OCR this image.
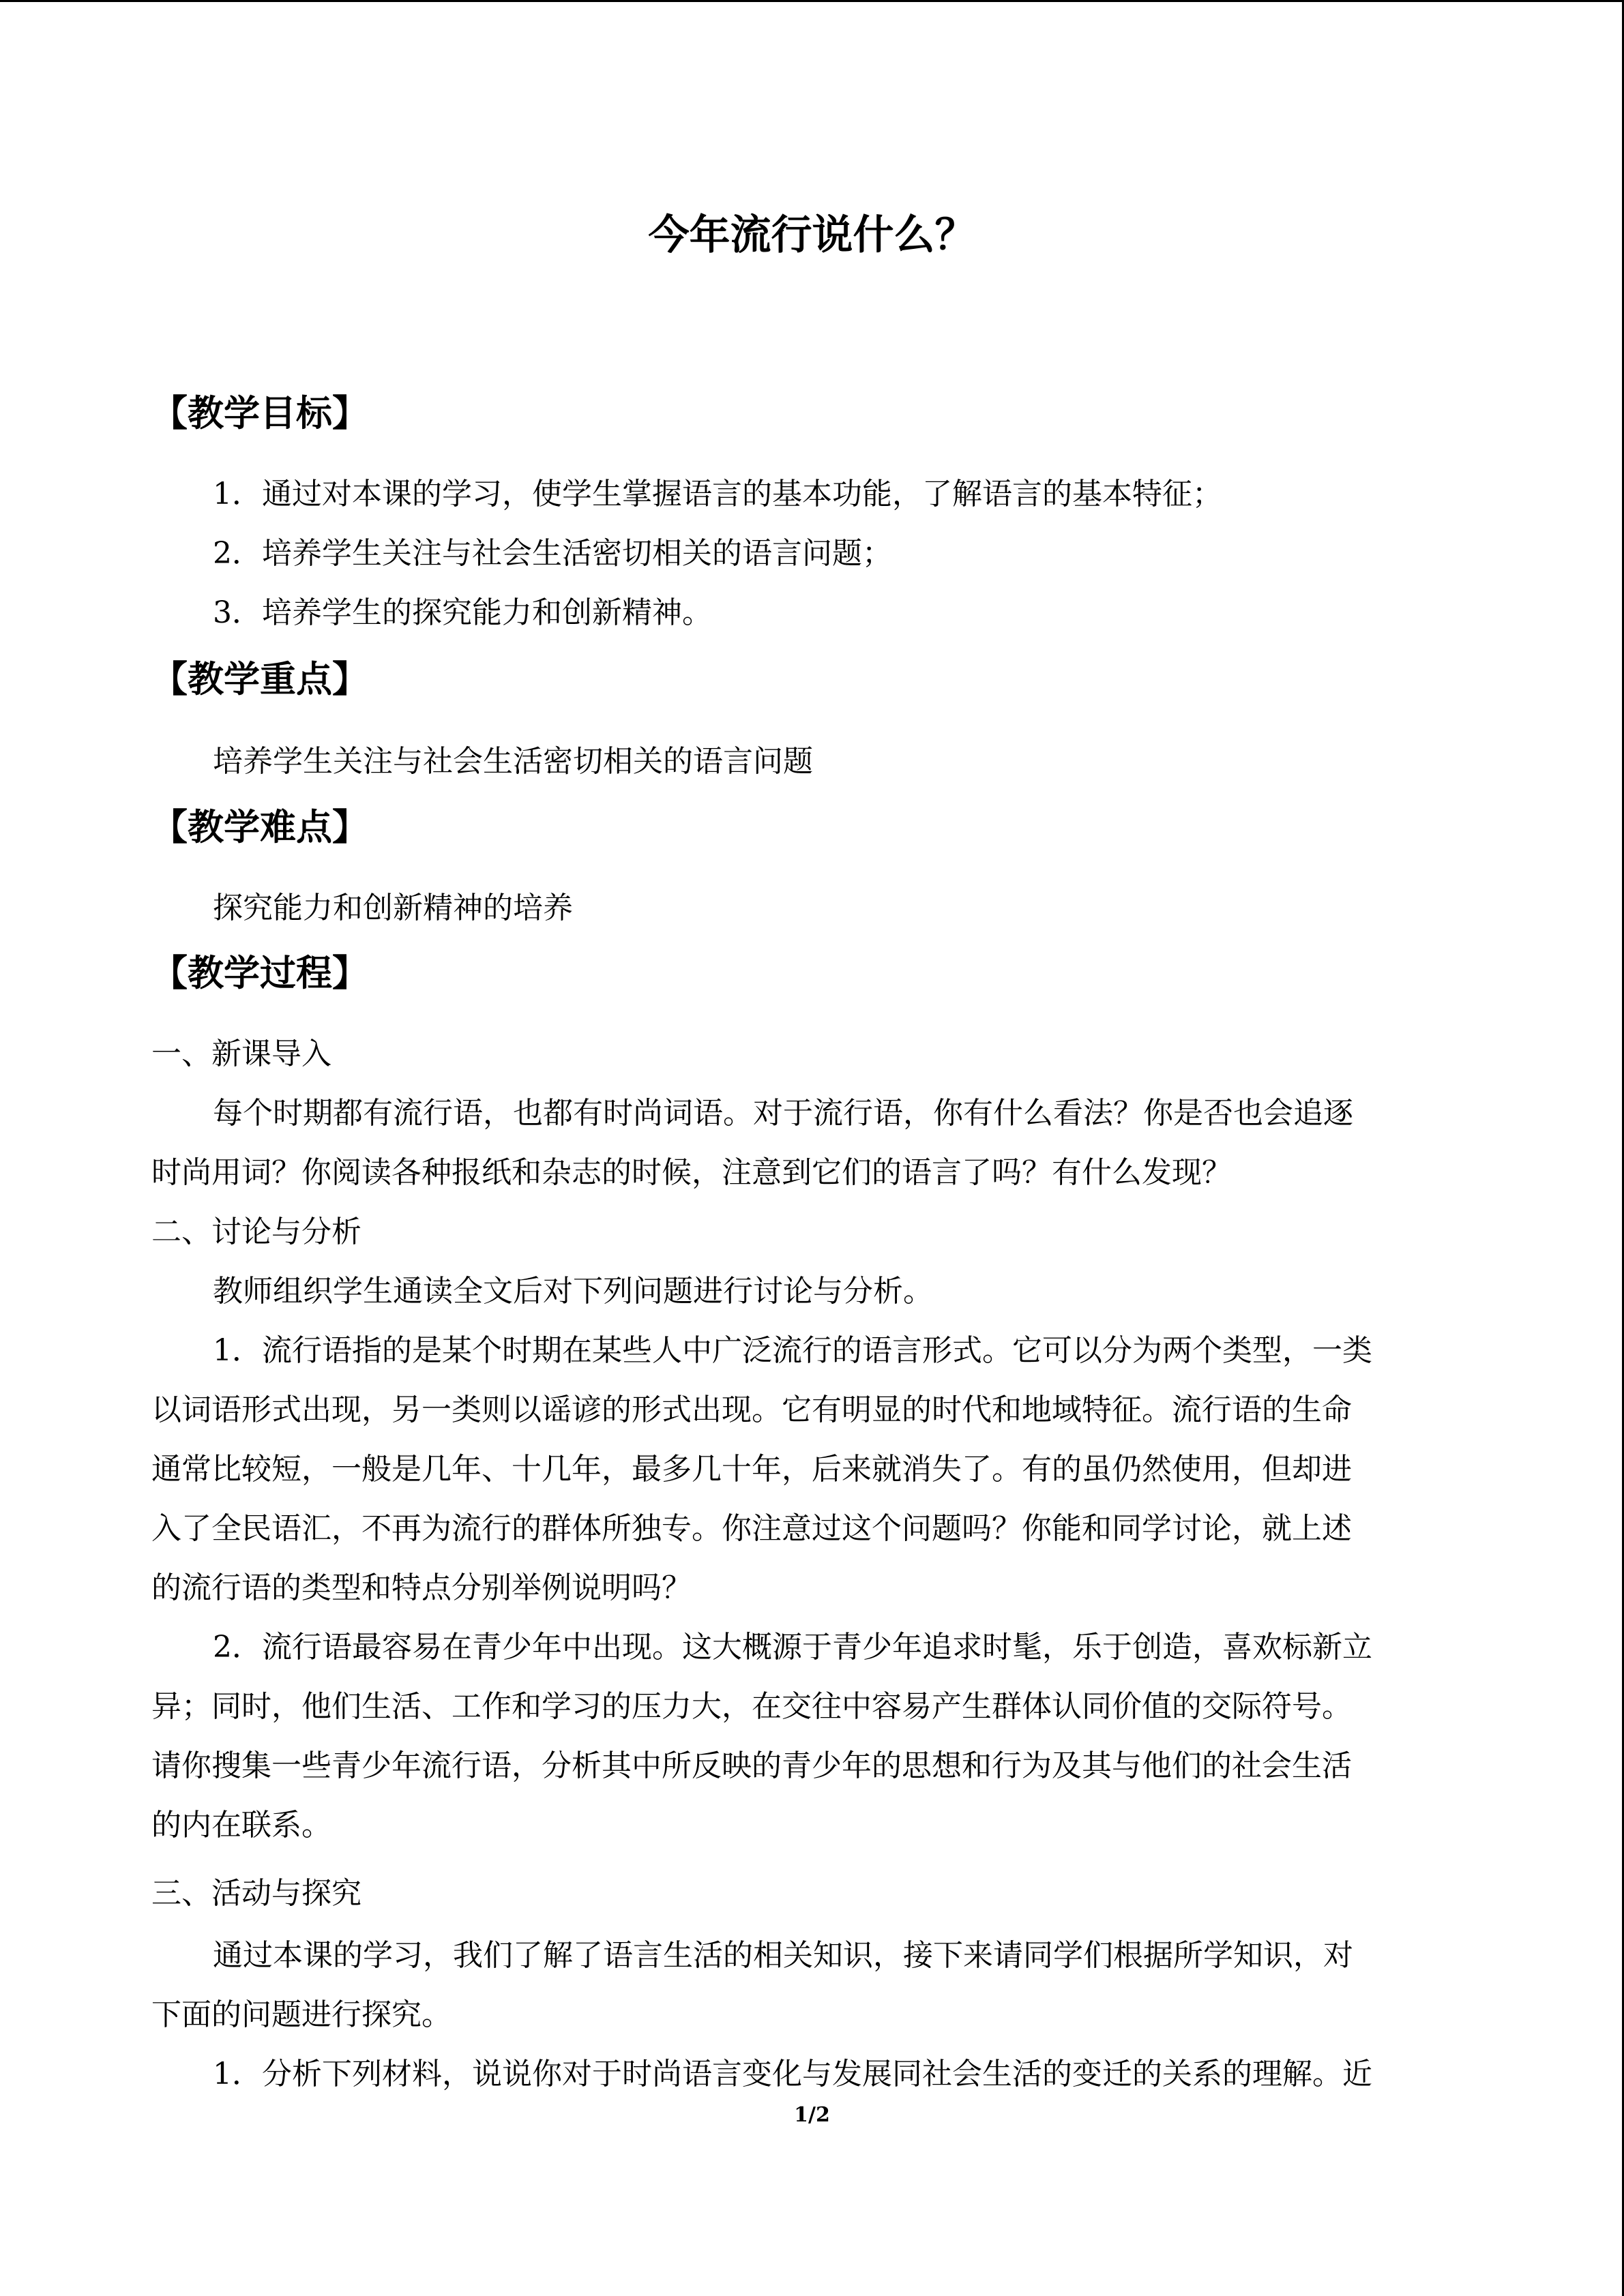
今年流行说什么？
【教学目标】
1．通过对本课的学习，使学生掌握语言的基本功能，了解语言的基本特征；
2．培养学生关注与社会生活密切相关的语言问题；
3．培养学生的探究能力和创新精神。
【教学重点】
培养学生关注与社会生活密切相关的语言问题
【教学难点】
探究能力和创新精神的培养
【教学过程】
一、新课导入
每个时期都有流行语，也都有时尚词语。对于流行语，你有什么看法？你是否也会追逐
时尚用词？你阅读各种报纸和杂志的时候，注意到它们的语言了吗？有什么发现？
二、讨论与分析
教师组织学生通读全文后对下列问题进行讨论与分析。
1．流行语指的是某个时期在某些人中广泛流行的语言形式。它可以分为两个类型，一类
以词语形式出现，另一类则以谣谚的形式出现。它有明显的时代和地域特征。流行语的生命
通常比较短，一般是几年、十几年，最多几十年，后来就消失了。有的虽仍然使用，但却进
入了全民语汇，不再为流行的群体所独专。你注意过这个问题吗？你能和同学讨论，就上述
的流行语的类型和特点分别举例说明吗？
2．流行语最容易在青少年中出现。这大概源于青少年追求时髦，乐于创造，喜欢标新立
异；同时，他们生活、工作和学习的压力大，在交往中容易产生群体认同价值的交际符号。
请你搜集一些青少年流行语，分析其中所反映的青少年的思想和行为及其与他们的社会生活
的内在联系。
三、活动与探究
通过本课的学习，我们了解了语言生活的相关知识，接下来请同学们根据所学知识，对
下面的问题进行探究。
1．分析下列材料，说说你对于时尚语言变化与发展同社会生活的变迁的关系的理解。近
1/2
